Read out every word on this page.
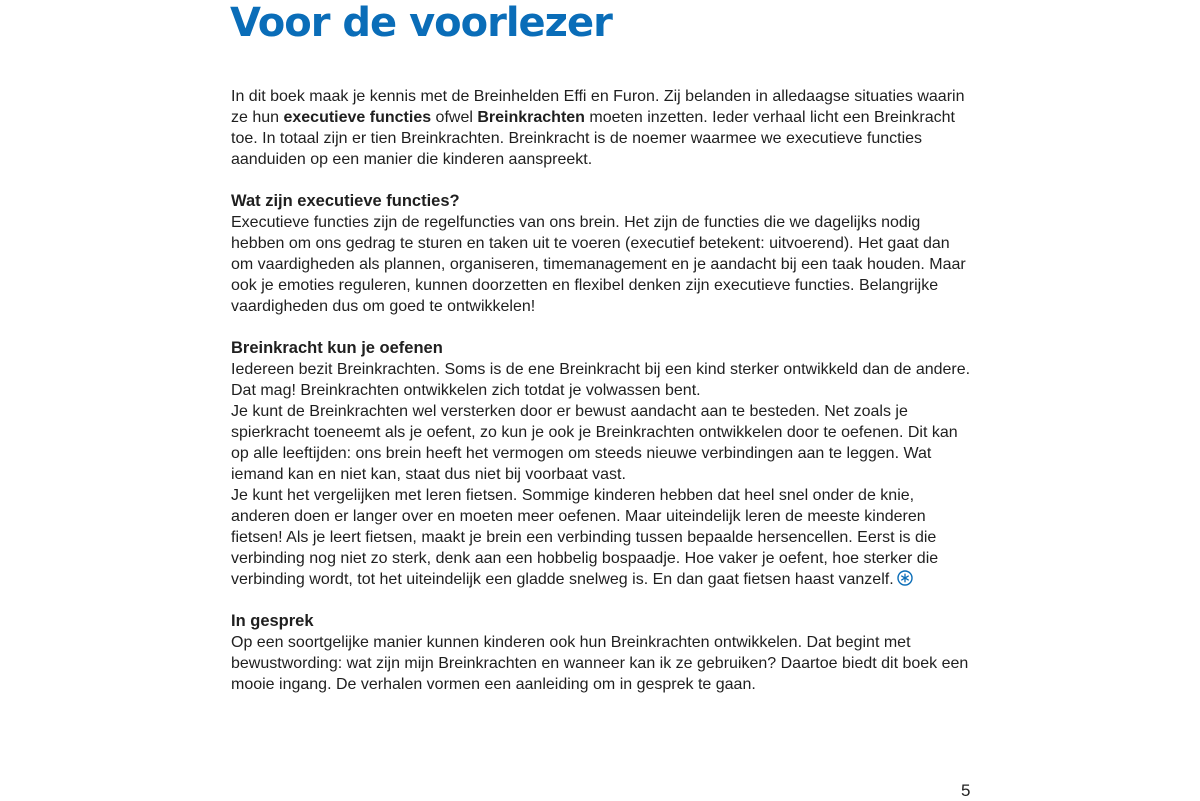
Voor de voorlezer

In dit boek maak je kennis met de Breinhelden Effi en Furon. Zij belanden in alledaagse situaties waarin ze hun executieve functies ofwel Breinkrachten moeten inzetten. Ieder verhaal licht een Breinkracht toe. In totaal zijn er tien Breinkrachten. Breinkracht is de noemer waarmee we executieve functies aanduiden op een manier die kinderen aanspreekt.

Wat zijn executieve functies?

Executieve functies zijn de regelfuncties van ons brein. Het zijn de functies die we dagelijks nodig hebben om ons gedrag te sturen en taken uit te voeren (executief betekent: uitvoerend). Het gaat dan om vaardigheden als plannen, organiseren, timemanagement en je aandacht bij een taak houden. Maar ook je emoties reguleren, kunnen doorzetten en flexibel denken zijn executieve functies. Belangrijke vaardigheden dus om goed te ontwikkelen!

Breinkracht kun je oefenen

Iedereen bezit Breinkrachten. Soms is de ene Breinkracht bij een kind sterker ontwikkeld dan de andere. Dat mag! Breinkrachten ontwikkelen zich totdat je volwassen bent.

Je kunt de Breinkrachten wel versterken door er bewust aandacht aan te besteden. Net zoals je spierkracht toeneemt als je oefent, zo kun je ook je Breinkrachten ontwikkelen door te oefenen. Dit kan op alle leeftijden: ons brein heeft het vermogen om steeds nieuwe verbindingen aan te leggen. Wat iemand kan en niet kan, staat dus niet bij voorbaat vast.

Je kunt het vergelijken met leren fietsen. Sommige kinderen hebben dat heel snel onder de knie, anderen doen er langer over en moeten meer oefenen. Maar uiteindelijk leren de meeste kinderen fietsen! Als je leert fietsen, maakt je brein een verbinding tussen bepaalde hersencellen. Eerst is die verbinding nog niet zo sterk, denk aan een hobbelig bospaadje. Hoe vaker je oefent, hoe sterker die verbinding wordt, tot het uiteindelijk een gladde snelweg is. En dan gaat fietsen haast vanzelf.

In gesprek

Op een soortgelijke manier kunnen kinderen ook hun Breinkrachten ontwikkelen. Dat begint met bewustwording: wat zijn mijn Breinkrachten en wanneer kan ik ze gebruiken? Daartoe biedt dit boek een mooie ingang. De verhalen vormen een aanleiding om in gesprek te gaan.

5
